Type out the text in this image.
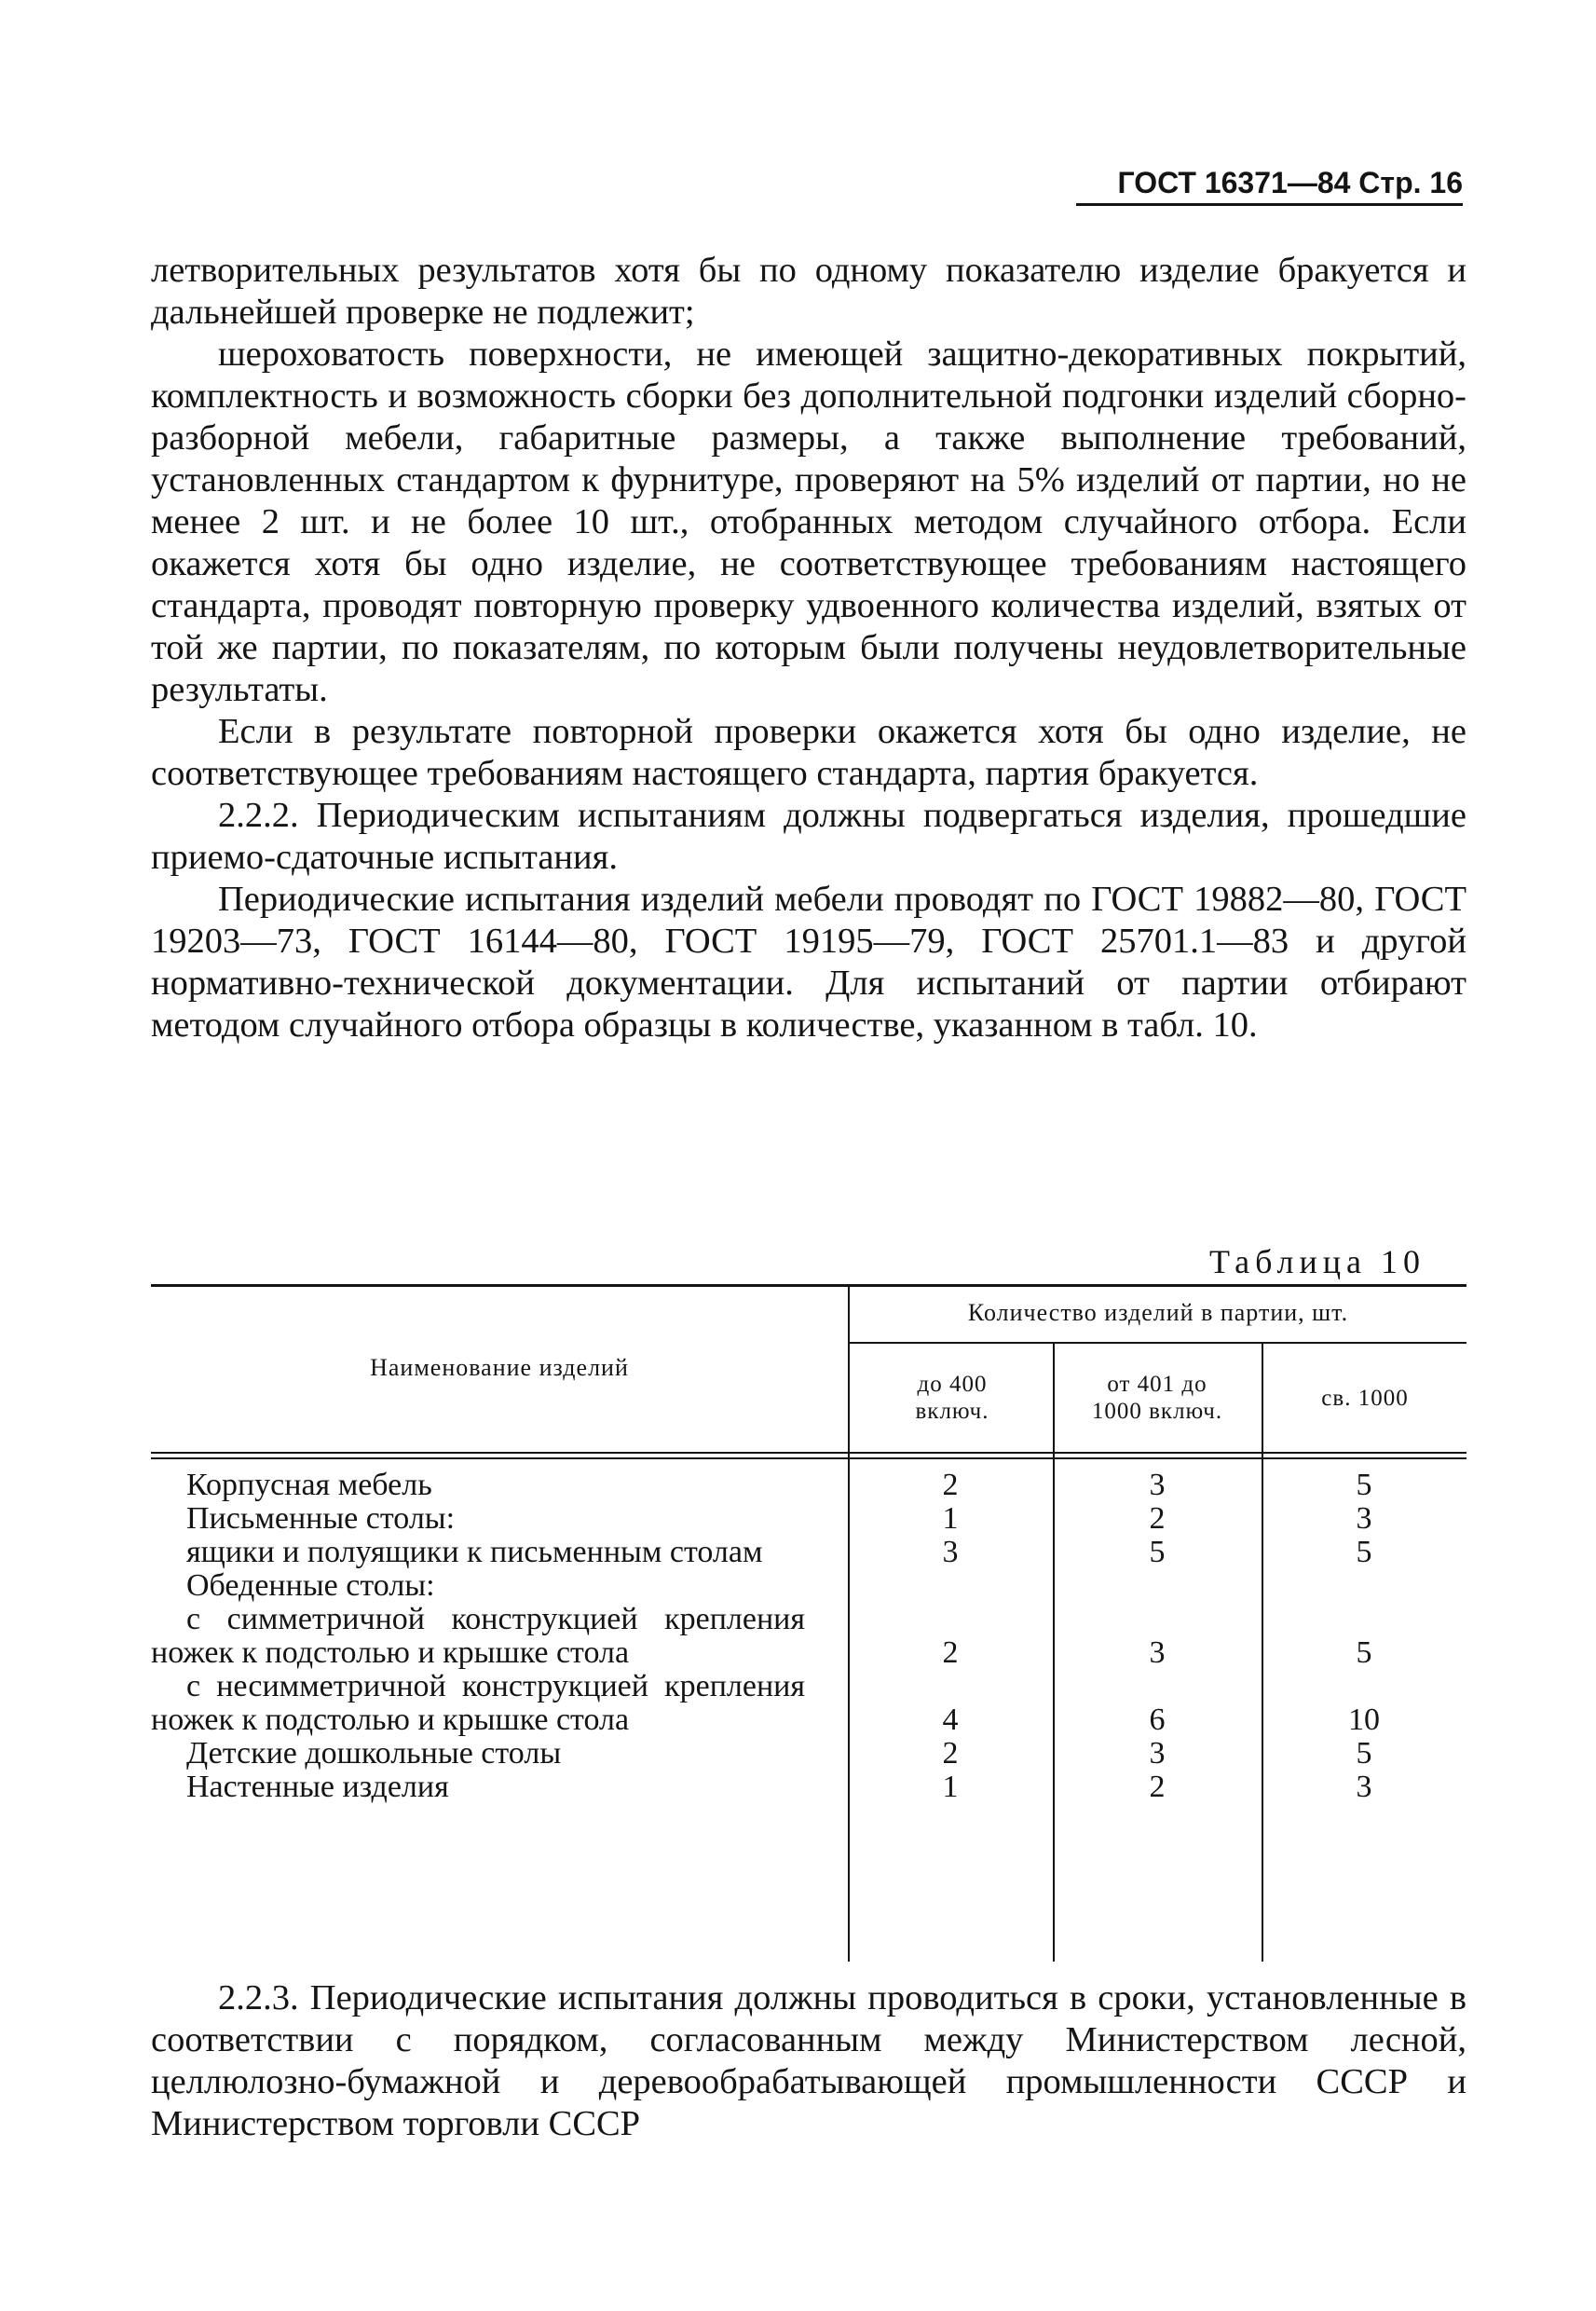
ГОСТ 16371—84 Стр. 16

летворительных результатов хотя бы по одному показателю изделие бракуется и дальнейшей проверке не подлежит;

шероховатость поверхности, не имеющей защитно-декоративных покрытий, комплектность и возможность сборки без дополнительной подгонки изделий сборно-разборной мебели, габаритные размеры, а также выполнение требований, установленных стандартом к фурнитуре, проверяют на 5% изделий от партии, но не менее 2 шт. и не более 10 шт., отобранных методом случайного отбора. Если окажется хотя бы одно изделие, не соответствующее требованиям настоящего стандарта, проводят повторную проверку удвоенного количества изделий, взятых от той же партии, по показателям, по которым были получены неудовлетворительные результаты.

Если в результате повторной проверки окажется хотя бы одно изделие, не соответствующее требованиям настоящего стандарта, партия бракуется.

2.2.2. Периодическим испытаниям должны подвергаться изделия, прошедшие приемо-сдаточные испытания.

Периодические испытания изделий мебели проводят по ГОСТ 19882—80, ГОСТ 19203—73, ГОСТ 16144—80, ГОСТ 19195—79, ГОСТ 25701.1—83 и другой нормативно-технической документации. Для испытаний от партии отбирают методом случайного отбора образцы в количестве, указанном в табл. 10.

Таблица 10
Наименование изделий
Количество изделий в партии, шт.
до 400 включ.
от 401 до 1000 включ.
св. 1000
Корпусная мебель	2	3	5
Письменные столы:	1	2	3
ящики и полуящики к письменным столам	3	5	5
Обеденные столы:
с симметричной конструкцией крепления ножек к подстолью и крышке стола	2	3	5
с несимметричной конструкцией крепления ножек к подстолью и крышке стола	4	6	10
Детские дошкольные столы	2	3	5
Настенные изделия	1	2	3

2.2.3. Периодические испытания должны проводиться в сроки, установленные в соответствии с порядком, согласованным между Министерством лесной, целлюлозно-бумажной и деревообрабатывающей промышленности СССР и Министерством торговли СССР
